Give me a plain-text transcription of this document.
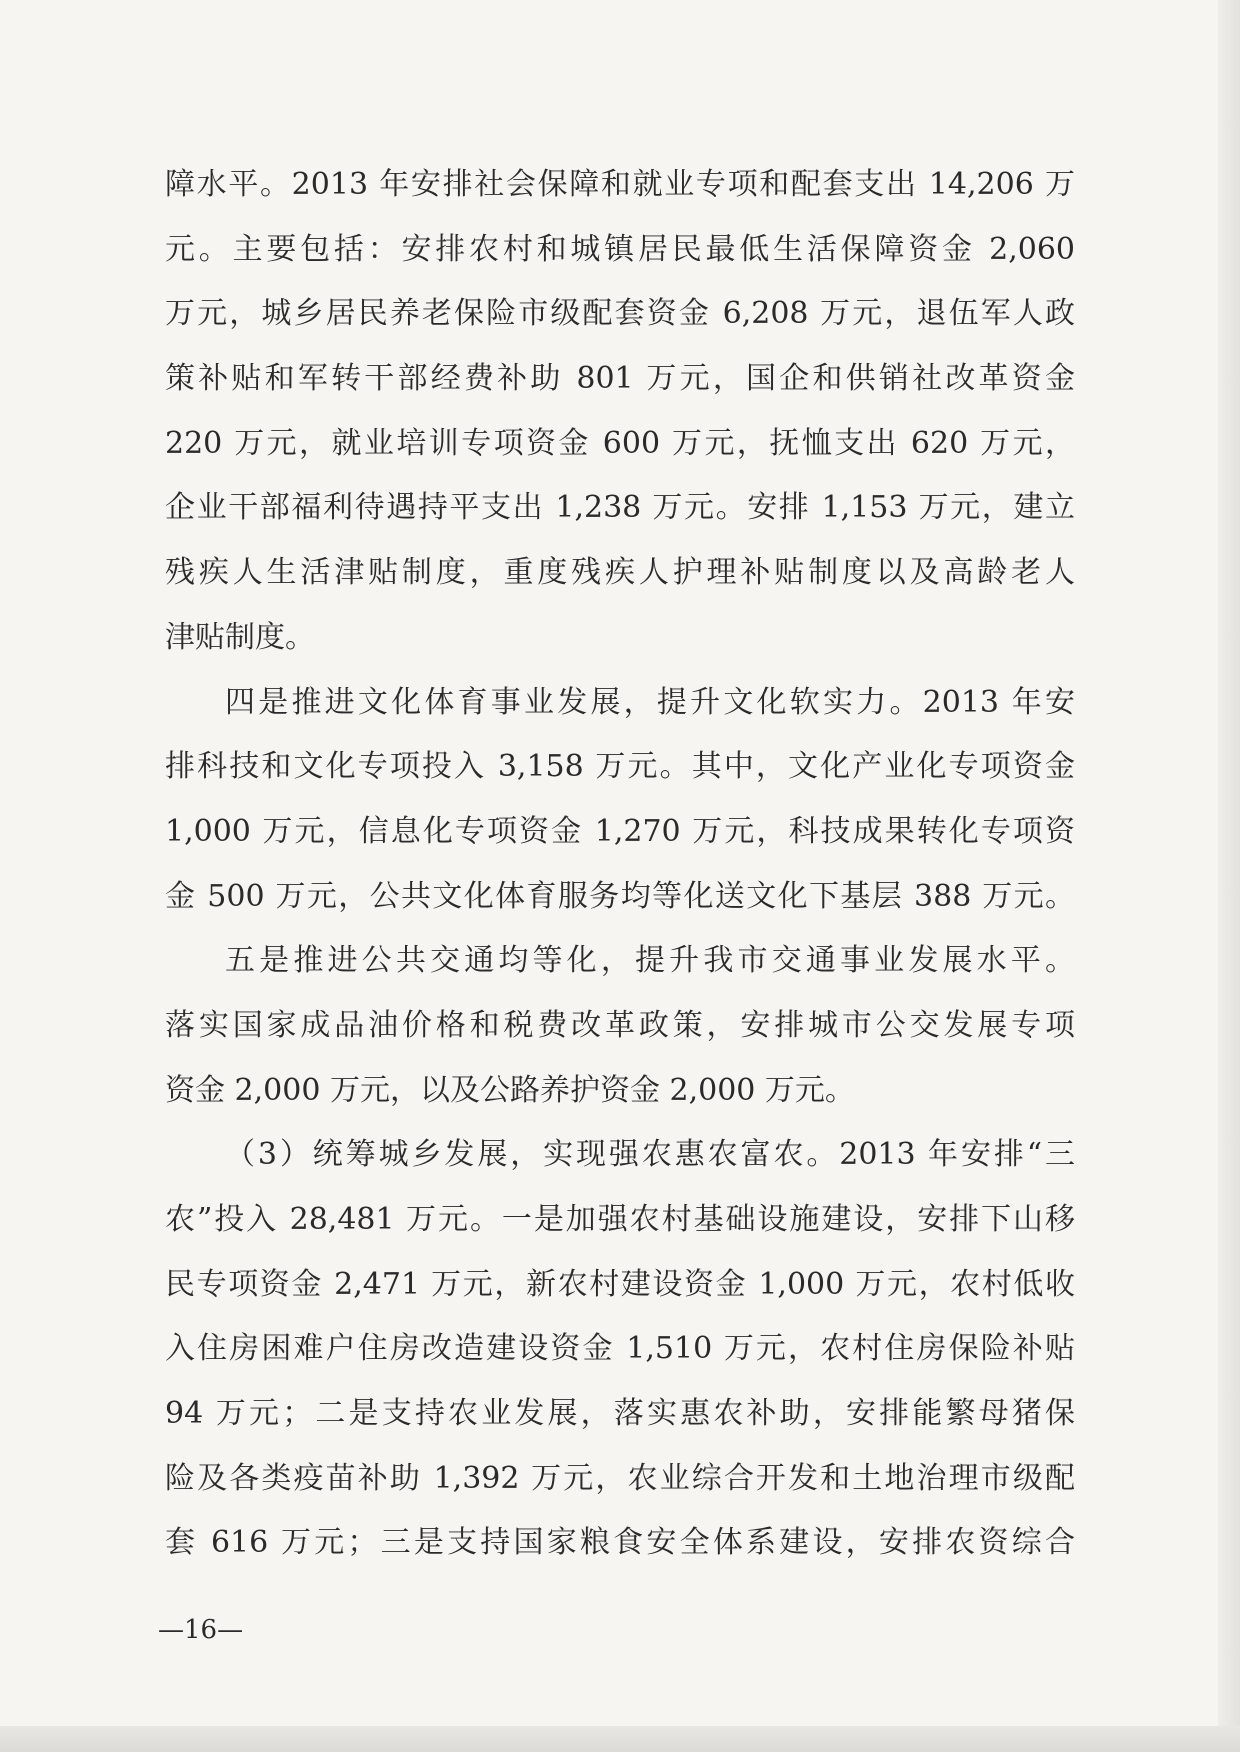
障水平。2013 年安排社会保障和就业专项和配套支出 14,206 万
元。主要包括：安排农村和城镇居民最低生活保障资金 2,060
万元，城乡居民养老保险市级配套资金 6,208 万元，退伍军人政
策补贴和军转干部经费补助 801 万元，国企和供销社改革资金
220 万元，就业培训专项资金 600 万元，抚恤支出 620 万元，
企业干部福利待遇持平支出 1,238 万元。安排 1,153 万元，建立
残疾人生活津贴制度，重度残疾人护理补贴制度以及高龄老人
津贴制度。
四是推进文化体育事业发展，提升文化软实力。2013 年安
排科技和文化专项投入 3,158 万元。其中，文化产业化专项资金
1,000 万元，信息化专项资金 1,270 万元，科技成果转化专项资
金 500 万元，公共文化体育服务均等化送文化下基层 388 万元。
五是推进公共交通均等化，提升我市交通事业发展水平。
落实国家成品油价格和税费改革政策，安排城市公交发展专项
资金 2,000 万元，以及公路养护资金 2,000 万元。
（3）统筹城乡发展，实现强农惠农富农。2013 年安排“三
农”投入 28,481 万元。一是加强农村基础设施建设，安排下山移
民专项资金 2,471 万元，新农村建设资金 1,000 万元，农村低收
入住房困难户住房改造建设资金 1,510 万元，农村住房保险补贴
94 万元；二是支持农业发展，落实惠农补助，安排能繁母猪保
险及各类疫苗补助 1,392 万元，农业综合开发和土地治理市级配
套 616 万元；三是支持国家粮食安全体系建设，安排农资综合
—16—
